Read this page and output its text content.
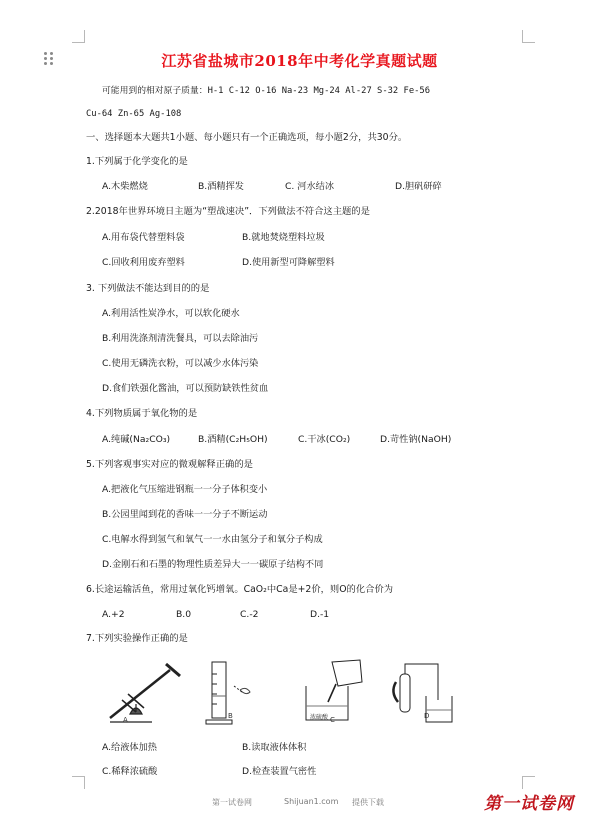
江苏省盐城市2018年中考化学真题试题
可能用到的相对原子质量：H-1 C-12 O-16 Na-23 Mg-24 Al-27 S-32 Fe-56
Cu-64 Zn-65 Ag-108
一、选择题本大题共1小题、每小题只有一个正确选项，每小题2分，共30分。
1.下列属于化学变化的是
A.木柴燃烧	B.酒精挥发	C. 河水结冰	D.胆矾研碎
2.2018年世界环境日主题为“塑战速决”．下列做法不符合这主题的是
A.用布袋代替塑料袋	B.就地焚烧塑料垃圾
C.回收利用废弃塑料	D.使用新型可降解塑料
3. 下列做法不能达到目的的是
A.利用活性炭净水，可以软化硬水
B.利用洗涤剂清洗餐具，可以去除油污
C.使用无磷洗衣粉，可以减少水体污染
D.食们铁强化酱油，可以预防缺铁性贫血
4.下列物质属于氧化物的是
A.纯碱(Na₂CO₃)	B.酒精(C₂H₅OH)	C.干冰(CO₂)	D.苛性钠(NaOH)
5.下列客观事实对应的微观解释正确的是
A.把液化气压缩进钢瓶一一分子体积变小
B.公园里闻到花的香味一一分子不断运动
C.电解水得到氢气和氧气一一水由氢分子和氧分子构成
D.金刚石和石墨的物理性质差异大一一碳原子结构不同
6.长途运输活鱼，常用过氧化钙增氧。CaO₂中Ca是+2价，则O的化合价为
A.+2	B.0	C.-2	D.-1
7.下列实验操作正确的是
A	B	浓硫酸 C	D
A.给液体加热	B.读取液体体积
C.稀释浓硫酸	D.检查装置气密性
第一试卷网	Shijuan1.com 提供下载	第一试卷网
